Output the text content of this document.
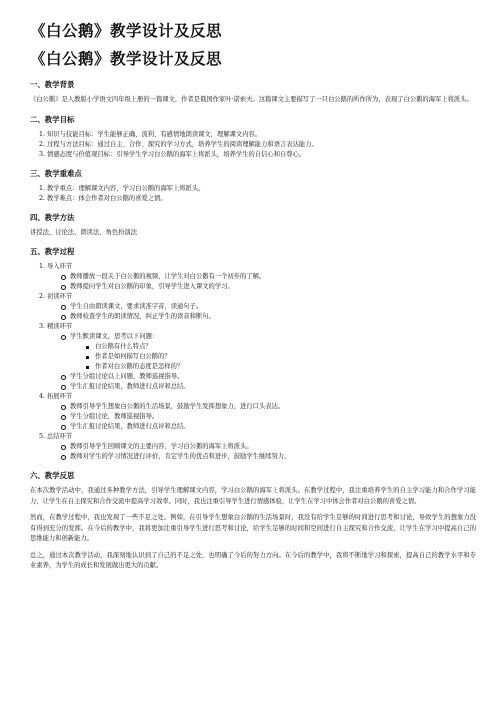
《白公鹅》教学设计及反思
《白公鹅》教学设计及反思
一、教学背景

《白公鹅》是人教版小学语文四年级上册的一篇课文，作者是俄国作家叶·诺索夫。这篇课文主要描写了一只白公鹅的所作所为，表现了白公鹅的海军上将派头。

二、教学目标
1. 知识与技能目标：学生能够正确、流利、有感情地朗读课文，理解课文内容。
2. 过程与方法目标：通过自主、合作、探究的学习方式，培养学生的阅读理解能力和语言表达能力。
3. 情感态度与价值观目标：引导学生学习白公鹅的海军上将派头，培养学生的自信心和自尊心。
三、教学重难点
1. 教学重点：理解课文内容，学习白公鹅的海军上将派头。
2. 教学难点：体会作者对白公鹅的喜爱之情。
四、教学方法

讲授法、讨论法、朗读法、角色扮演法

五、教学过程
1. 导入环节
教师播放一段关于白公鹅的视频，让学生对白公鹅有一个初步的了解。
教师提问学生对白公鹅的印象，引导学生进入课文的学习。
2. 初读环节
学生自由朗读课文，要求读准字音，读通句子。
教师检查学生的朗读情况，纠正学生的读音和断句。
3. 精读环节
学生默读课文，思考以下问题：
白公鹅有什么特点？
作者是如何描写白公鹅的？
作者对白公鹅的态度是怎样的？
学生分组讨论以上问题，教师巡视指导。
学生汇报讨论结果，教师进行点评和总结。
4. 拓展环节
教师引导学生想象白公鹅的生活场景，鼓励学生发挥想象力，进行口头表达。
学生分组讨论，教师巡视指导。
学生汇报讨论结果，教师进行点评和总结。
5. 总结环节
教师引导学生回顾课文的主要内容，学习白公鹅的海军上将派头。
教师对学生的学习情况进行评价，肯定学生的优点和进步，鼓励学生继续努力。
六、教学反思

在本次教学活动中，我通过多种教学方法，引导学生理解课文内容，学习白公鹅的海军上将派头。在教学过程中，我注重培养学生的自主学习能力和合作学习能力，让学生在自主探究和合作交流中提高学习效率。同时，我也注重引导学生进行情感体验，让学生在学习中体会作者对白公鹅的喜爱之情。

然而，在教学过程中，我也发现了一些不足之处。例如，在引导学生想象白公鹅的生活场景时，我没有给学生足够的时间进行思考和讨论，导致学生的想象力没有得到充分的发挥。在今后的教学中，我将更加注重引导学生进行思考和讨论，给学生足够的时间和空间进行自主探究和合作交流，让学生在学习中提高自己的思维能力和创新能力。

总之，通过本次教学活动，我深刻地认识到了自己的不足之处，也明确了今后的努力方向。在今后的教学中，我将不断地学习和探索，提高自己的教学水平和专业素养，为学生的成长和发展做出更大的贡献。
